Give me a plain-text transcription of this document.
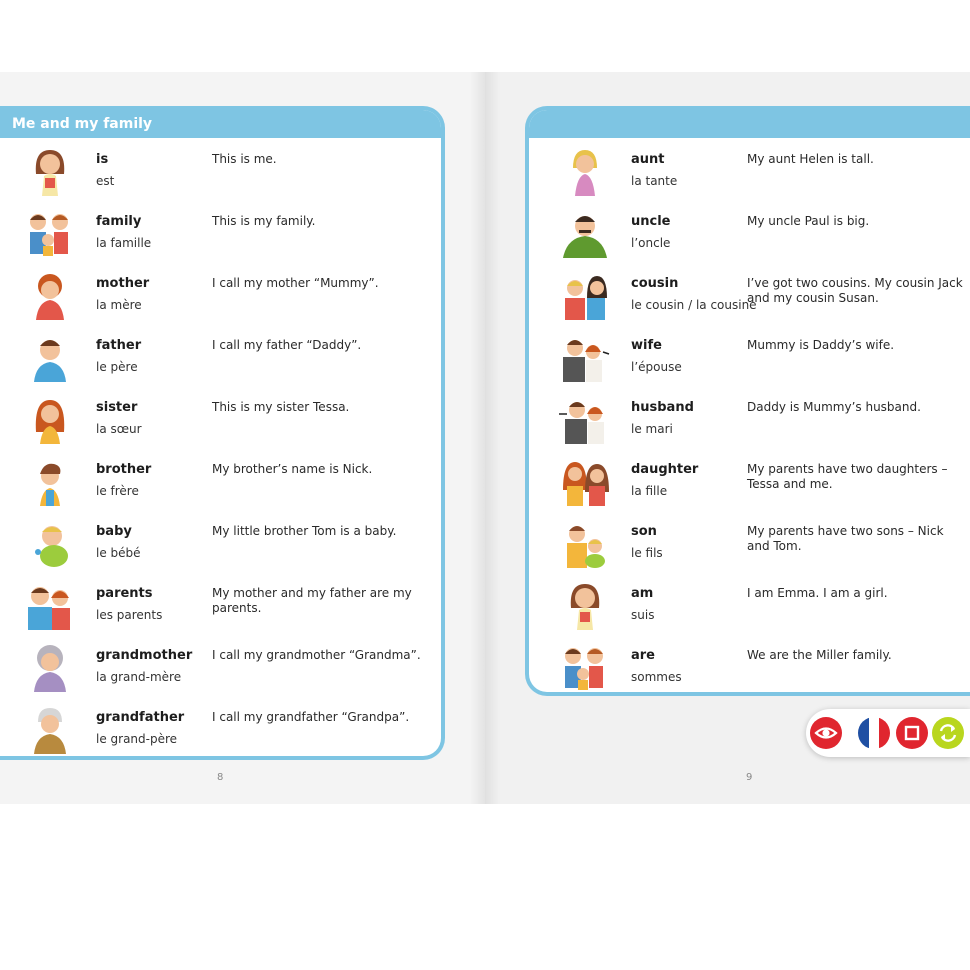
Me and my family
is
est
This is me.
family
la famille
This is my family.
mother
la mère
I call my mother “Mummy”.
father
le père
I call my father “Daddy”.
sister
la sœur
This is my sister Tessa.
brother
le frère
My brother’s name is Nick.
baby
le bébé
My little brother Tom is a baby.
parents
les parents
My mother and my father are my parents.
grandmother
la grand-mère
I call my grandmother “Grandma”.
grandfather
le grand-père
I call my grandfather “Grandpa”.
aunt
la tante
My aunt Helen is tall.
uncle
l’oncle
My uncle Paul is big.
cousin
le cousin / la cousine
I’ve got two cousins. My cousin Jack and my cousin Susan.
wife
l’épouse
Mummy is Daddy’s wife.
husband
le mari
Daddy is Mummy’s husband.
daughter
la fille
My parents have two daughters – Tessa and me.
son
le fils
My parents have two sons – Nick and Tom.
am
suis
I am Emma. I am a girl.
are
sommes
We are the Miller family.
8	9
